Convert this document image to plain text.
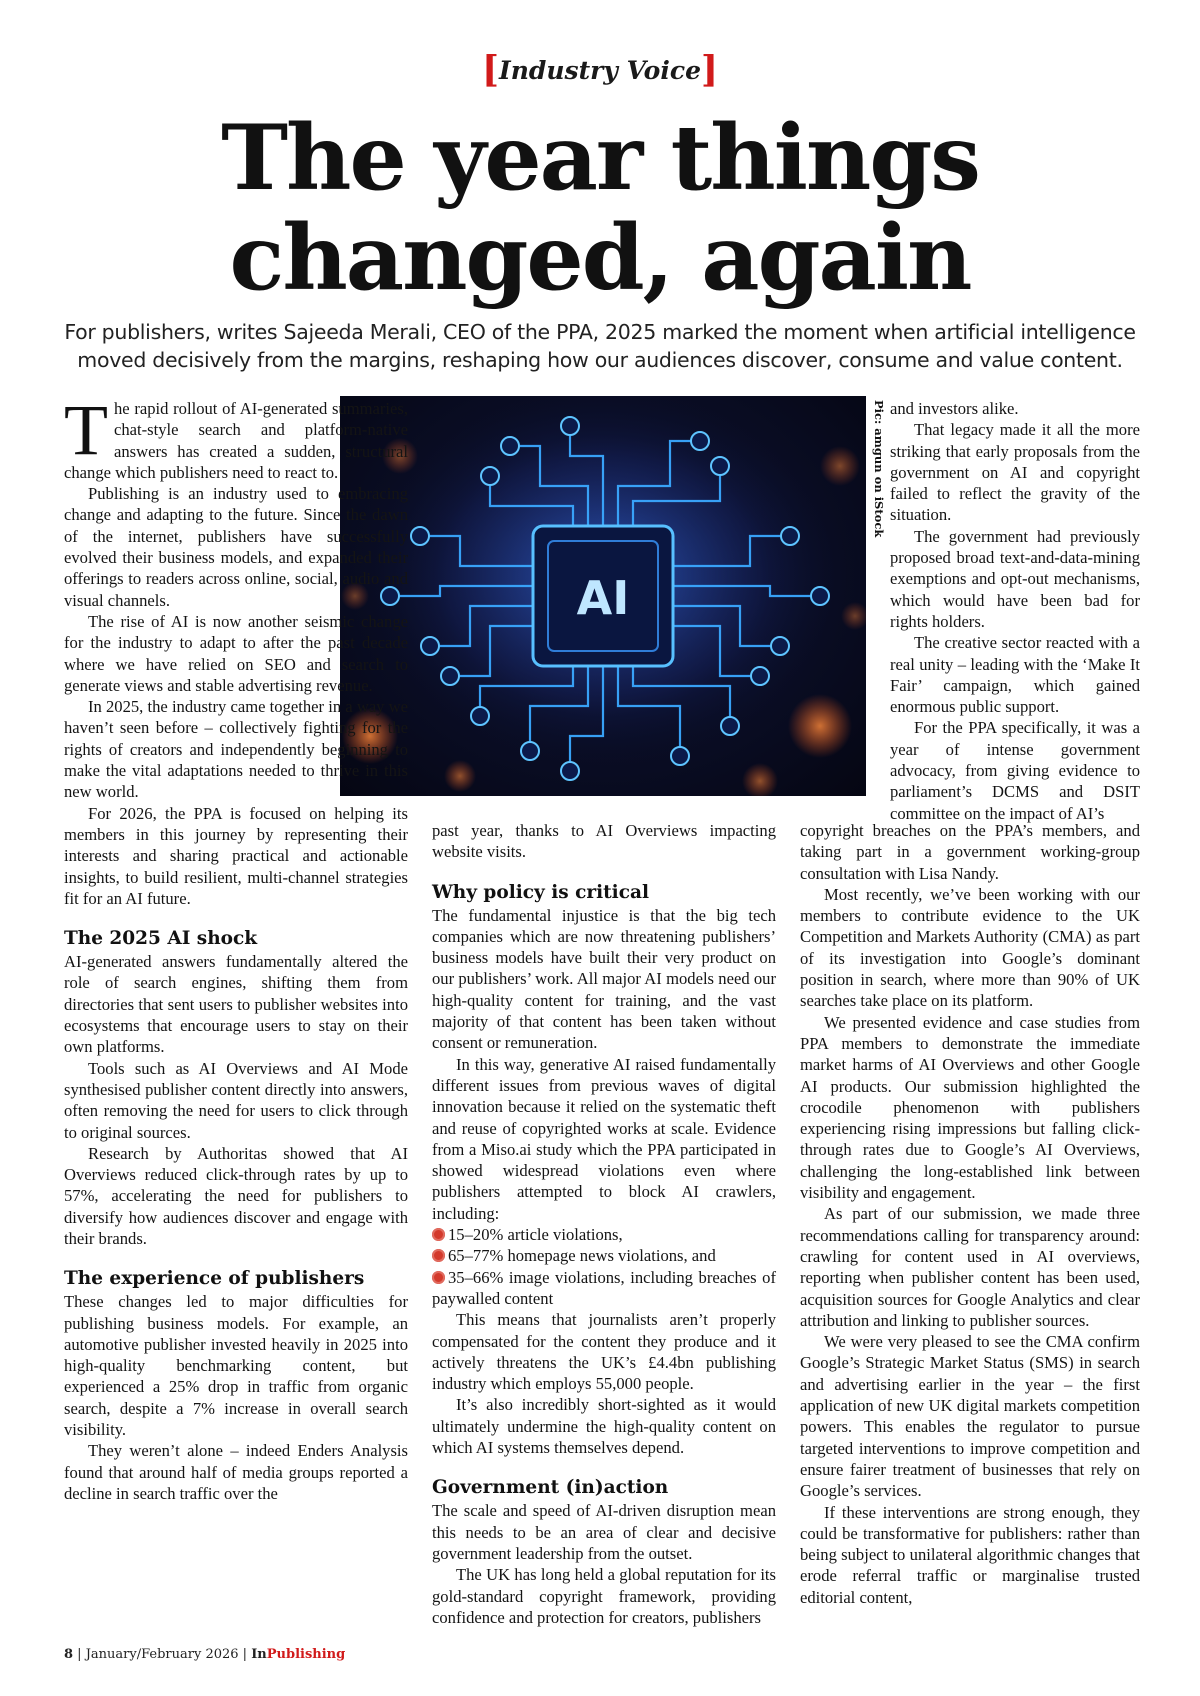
[Industry Voice]
The year things
changed, again
For publishers, writes Sajeeda Merali, CEO of the PPA, 2025 marked the moment when artificial intelligence
moved decisively from the margins, reshaping how our audiences discover, consume and value content.
AI
Pic: amgun on iStock

The rapid rollout of AI-generated summaries, chat-style search and platform-native answers has created a sudden, structural change which publishers need to react to.

Publishing is an industry used to embracing change and adapting to the future. Since the dawn of the internet, publishers have successfully evolved their business models, and expanded their offerings to readers across online, social, audio and visual channels.

The rise of AI is now another seismic change for the industry to adapt to after the past decade where we have relied on SEO and search to generate views and stable advertising revenue.

In 2025, the industry came together in a way we haven’t seen before – collectively fighting for the rights of creators and independently beginning to make the vital adaptations needed to thrive in this new world.

For 2026, the PPA is focused on helping its members in this journey by representing their interests and sharing practical and actionable insights, to build resilient, multi-channel strategies fit for an AI future.

The 2025 AI shock

AI-generated answers fundamentally altered the role of search engines, shifting them from directories that sent users to publisher websites into ecosystems that encourage users to stay on their own platforms.

Tools such as AI Overviews and AI Mode synthesised publisher content directly into answers, often removing the need for users to click through to original sources.

Research by Authoritas showed that AI Overviews reduced click-through rates by up to 57%, accelerating the need for publishers to diversify how audiences discover and engage with their brands.

The experience of publishers

These changes led to major difficulties for publishing business models. For example, an automotive publisher invested heavily in 2025 into high-quality benchmarking content, but experienced a 25% drop in traffic from organic search, despite a 7% increase in overall search visibility.

They weren’t alone – indeed Enders Analysis found that around half of media groups reported a decline in search traffic over the

past year, thanks to AI Overviews impacting website visits.

Why policy is critical

The fundamental injustice is that the big tech companies which are now threatening publishers’ business models have built their very product on our publishers’ work. All major AI models need our high-quality content for training, and the vast majority of that content has been taken without consent or remuneration.

In this way, generative AI raised fundamentally different issues from previous waves of digital innovation because it relied on the systematic theft and reuse of copyrighted works at scale. Evidence from a Miso.ai study which the PPA participated in showed widespread violations even where publishers attempted to block AI crawlers, including:

15–20% article violations,

65–77% homepage news violations, and

35–66% image violations, including breaches of paywalled content

This means that journalists aren’t properly compensated for the content they produce and it actively threatens the UK’s £4.4bn publishing industry which employs 55,000 people.

It’s also incredibly short-sighted as it would ultimately undermine the high-quality content on which AI systems themselves depend.

Government (in)action

The scale and speed of AI-driven disruption mean this needs to be an area of clear and decisive government leadership from the outset.

The UK has long held a global reputation for its gold-standard copyright framework, providing confidence and protection for creators, publishers

and investors alike.

That legacy made it all the more striking that early proposals from the government on AI and copyright failed to reflect the gravity of the situation.

The government had previously proposed broad text-and-data-mining exemptions and opt-out mechanisms, which would have been bad for rights holders.

The creative sector reacted with a real unity – leading with the ‘Make It Fair’ campaign, which gained enormous public support.

For the PPA specifically, it was a year of intense government advocacy, from giving evidence to parliament’s DCMS and DSIT committee on the impact of AI’s

copyright breaches on the PPA’s members, and taking part in a government working-group consultation with Lisa Nandy.

Most recently, we’ve been working with our members to contribute evidence to the UK Competition and Markets Authority (CMA) as part of its investigation into Google’s dominant position in search, where more than 90% of UK searches take place on its platform.

We presented evidence and case studies from PPA members to demonstrate the immediate market harms of AI Overviews and other Google AI products. Our submission highlighted the crocodile phenomenon with publishers experiencing rising impressions but falling click-through rates due to Google’s AI Overviews, challenging the long-established link between visibility and engagement.

As part of our submission, we made three recommendations calling for transparency around: crawling for content used in AI overviews, reporting when publisher content has been used, acquisition sources for Google Analytics and clear attribution and linking to publisher sources.

We were very pleased to see the CMA confirm Google’s Strategic Market Status (SMS) in search and advertising earlier in the year – the first application of new UK digital markets competition powers. This enables the regulator to pursue targeted interventions to improve competition and ensure fairer treatment of businesses that rely on Google’s services.

If these interventions are strong enough, they could be transformative for publishers: rather than being subject to unilateral algorithmic changes that erode referral traffic or marginalise trusted editorial content,

8 | January/February 2026 | InPublishing
